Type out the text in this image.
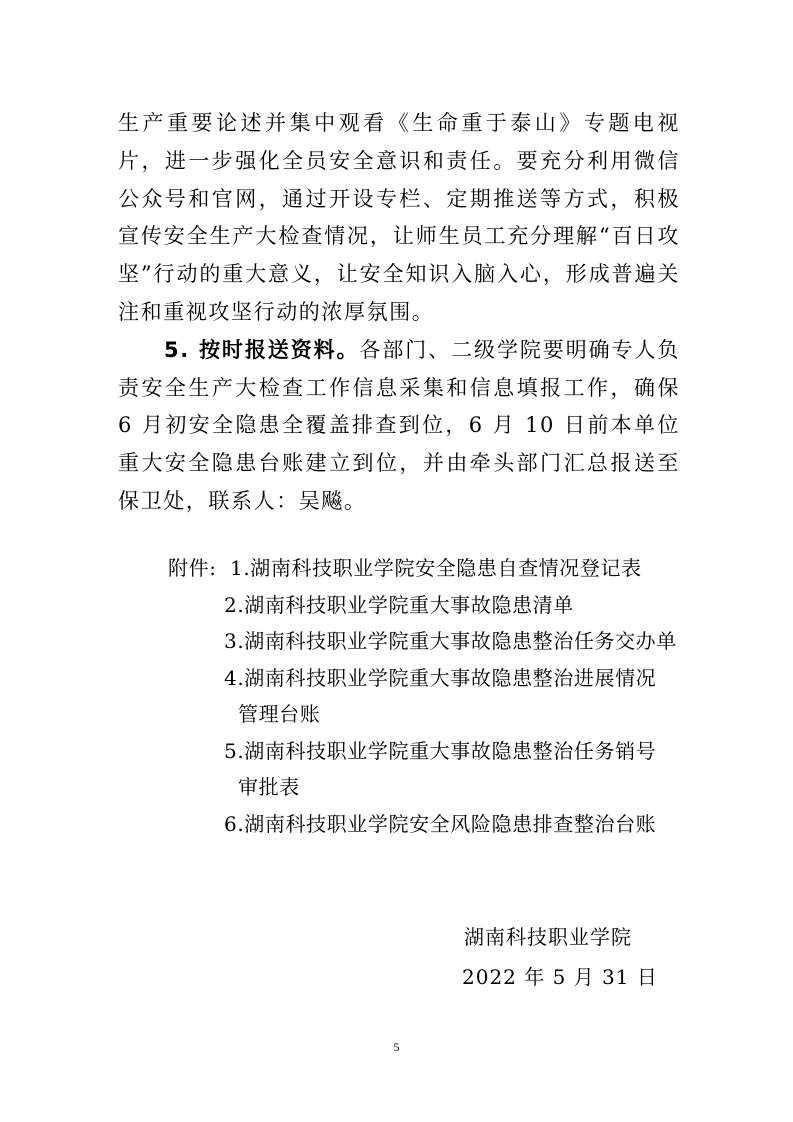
生产重要论述并集中观看《生命重于泰山》专题电视片，进一步强化全员安全意识和责任。要充分利用微信公众号和官网，通过开设专栏、定期推送等方式，积极宣传安全生产大检查情况，让师生员工充分理解“百日攻坚”行动的重大意义，让安全知识入脑入心，形成普遍关注和重视攻坚行动的浓厚氛围。

5. 按时报送资料。各部门、二级学院要明确专人负责安全生产大检查工作信息采集和信息填报工作，确保 6 月初安全隐患全覆盖排查到位，6 月 10 日前本单位重大安全隐患台账建立到位，并由牵头部门汇总报送至保卫处，联系人：吴飚。

附件: 1.湖南科技职业学院安全隐患自查情况登记表

2.湖南科技职业学院重大事故隐患清单

3.湖南科技职业学院重大事故隐患整治任务交办单

4.湖南科技职业学院重大事故隐患整治进展情况

管理台账

5.湖南科技职业学院重大事故隐患整治任务销号

审批表

6.湖南科技职业学院安全风险隐患排查整治台账

湖南科技职业学院

2022 年 5 月 31 日

5
